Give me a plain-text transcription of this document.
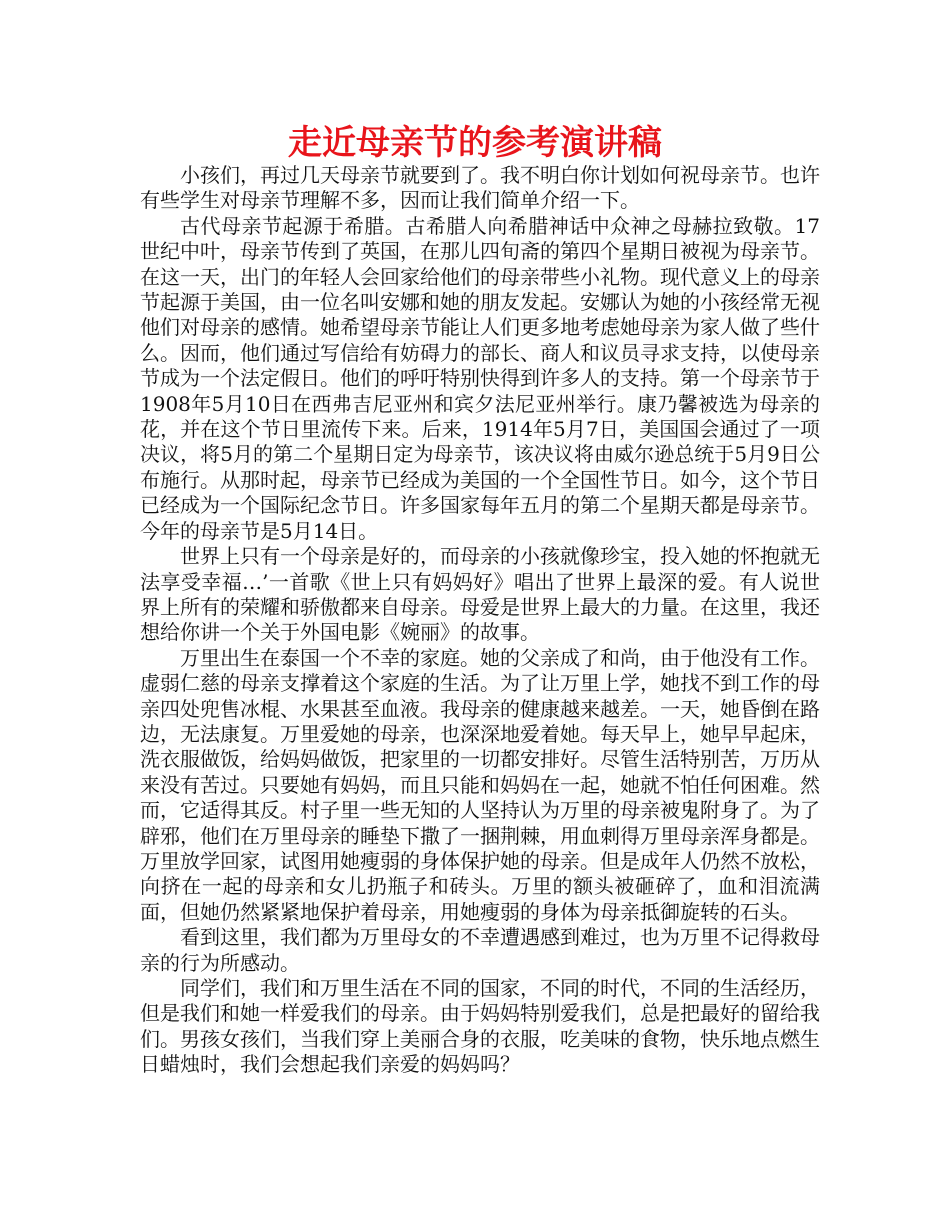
走近母亲节的参考演讲稿

小孩们，再过几天母亲节就要到了。我不明白你计划如何祝母亲节。也许有些学生对母亲节理解不多，因而让我们简单介绍一下。

古代母亲节起源于希腊。古希腊人向希腊神话中众神之母赫拉致敬。17世纪中叶，母亲节传到了英国，在那儿四旬斋的第四个星期日被视为母亲节。在这一天，出门的年轻人会回家给他们的母亲带些小礼物。现代意义上的母亲节起源于美国，由一位名叫安娜和她的朋友发起。安娜认为她的小孩经常无视他们对母亲的感情。她希望母亲节能让人们更多地考虑她母亲为家人做了些什么。因而，他们通过写信给有妨碍力的部长、商人和议员寻求支持，以使母亲节成为一个法定假日。他们的呼吁特别快得到许多人的支持。第一个母亲节于1908年5月10日在西弗吉尼亚州和宾夕法尼亚州举行。康乃馨被选为母亲的花，并在这个节日里流传下来。后来，1914年5月7日，美国国会通过了一项决议，将5月的第二个星期日定为母亲节，该决议将由威尔逊总统于5月9日公布施行。从那时起，母亲节已经成为美国的一个全国性节日。如今，这个节日已经成为一个国际纪念节日。许多国家每年五月的第二个星期天都是母亲节。今年的母亲节是5月14日。

世界上只有一个母亲是好的，而母亲的小孩就像珍宝，投入她的怀抱就无法享受幸福…’一首歌《世上只有妈妈好》唱出了世界上最深的爱。有人说世界上所有的荣耀和骄傲都来自母亲。母爱是世界上最大的力量。在这里，我还想给你讲一个关于外国电影《婉丽》的故事。

万里出生在泰国一个不幸的家庭。她的父亲成了和尚，由于他没有工作。虚弱仁慈的母亲支撑着这个家庭的生活。为了让万里上学，她找不到工作的母亲四处兜售冰棍、水果甚至血液。我母亲的健康越来越差。一天，她昏倒在路边，无法康复。万里爱她的母亲，也深深地爱着她。每天早上，她早早起床，洗衣服做饭，给妈妈做饭，把家里的一切都安排好。尽管生活特别苦，万历从来没有苦过。只要她有妈妈，而且只能和妈妈在一起，她就不怕任何困难。然而，它适得其反。村子里一些无知的人坚持认为万里的母亲被鬼附身了。为了辟邪，他们在万里母亲的睡垫下撒了一捆荆棘，用血刺得万里母亲浑身都是。万里放学回家，试图用她瘦弱的身体保护她的母亲。但是成年人仍然不放松，向挤在一起的母亲和女儿扔瓶子和砖头。万里的额头被砸碎了，血和泪流满面，但她仍然紧紧地保护着母亲，用她瘦弱的身体为母亲抵御旋转的石头。

看到这里，我们都为万里母女的不幸遭遇感到难过，也为万里不记得救母亲的行为所感动。

同学们，我们和万里生活在不同的国家，不同的时代，不同的生活经历，但是我们和她一样爱我们的母亲。由于妈妈特别爱我们，总是把最好的留给我们。男孩女孩们，当我们穿上美丽合身的衣服，吃美味的食物，快乐地点燃生日蜡烛时，我们会想起我们亲爱的妈妈吗？
